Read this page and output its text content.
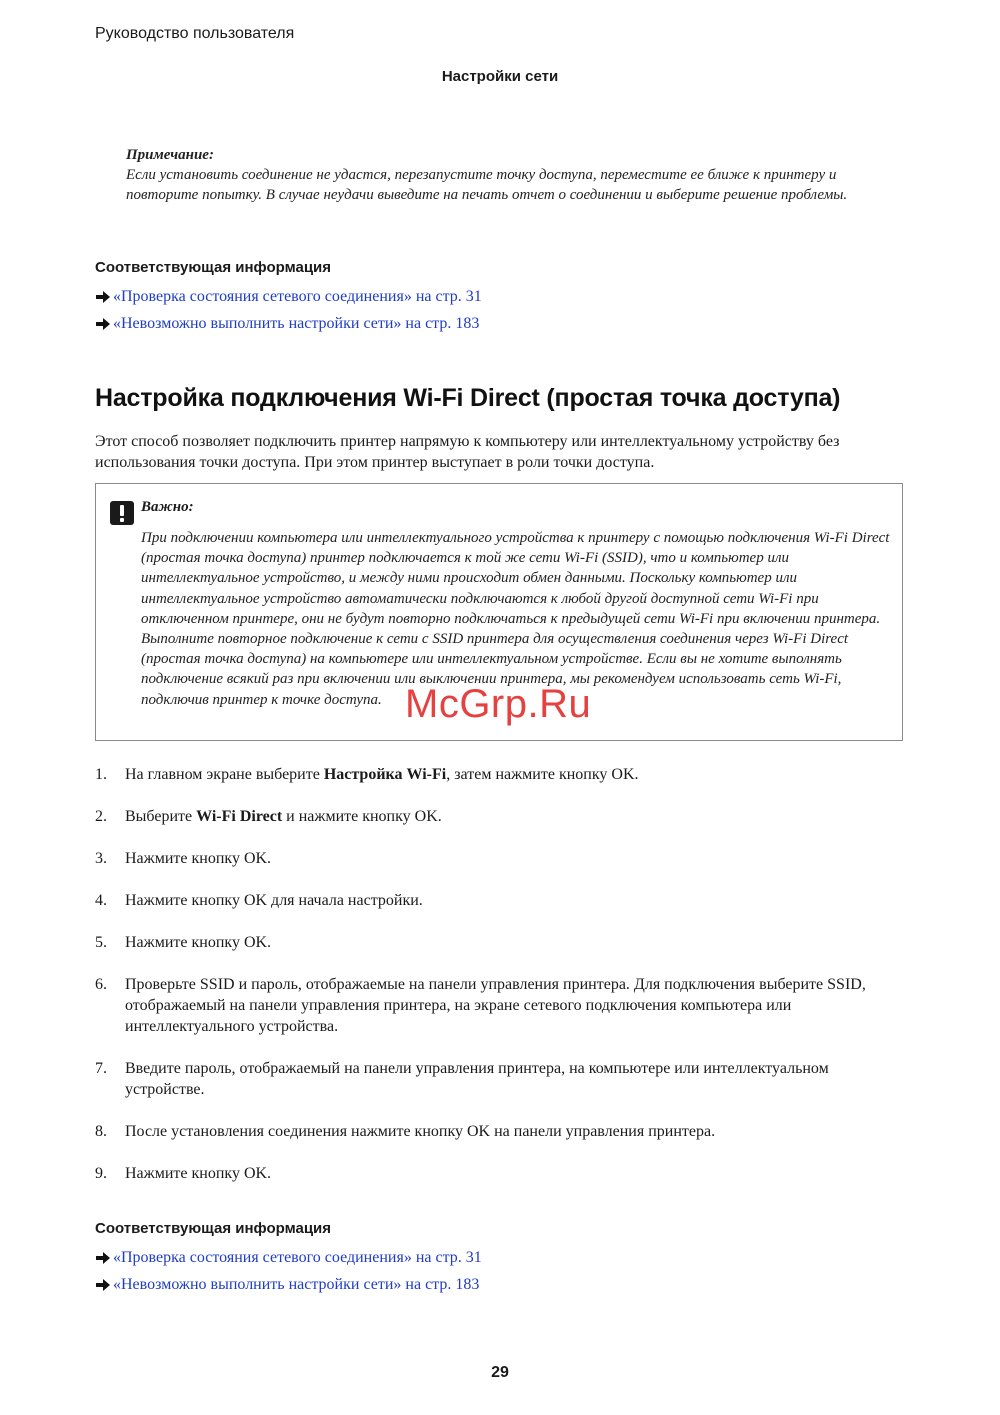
Руководство пользователя
Настройки сети
Примечание:
Если установить соединение не удастся, перезапустите точку доступа, переместите ее ближе к принтеру и повторите попытку. В случае неудачи выведите на печать отчет о соединении и выберите решение проблемы.
Соответствующая информация
«Проверка состояния сетевого соединения» на стр. 31
«Невозможно выполнить настройки сети» на стр. 183
Настройка подключения Wi-Fi Direct (простая точка доступа)
Этот способ позволяет подключить принтер напрямую к компьютеру или интеллектуальному устройству без использования точки доступа. При этом принтер выступает в роли точки доступа.
Важно:
При подключении компьютера или интеллектуального устройства к принтеру с помощью подключения Wi-Fi Direct (простая точка доступа) принтер подключается к той же сети Wi-Fi (SSID), что и компьютер или интеллектуальное устройство, и между ними происходит обмен данными. Поскольку компьютер или интеллектуальное устройство автоматически подключаются к любой другой доступной сети Wi-Fi при отключенном принтере, они не будут повторно подключаться к предыдущей сети Wi-Fi при включении принтера. Выполните повторное подключение к сети с SSID принтера для осуществления соединения через Wi-Fi Direct (простая точка доступа) на компьютере или интеллектуальном устройстве. Если вы не хотите выполнять подключение всякий раз при включении или выключении принтера, мы рекомендуем использовать сеть Wi-Fi, подключив принтер к точке доступа.
1.	На главном экране выберите Настройка Wi-Fi, затем нажмите кнопку OK.
2.	Выберите Wi-Fi Direct и нажмите кнопку OK.
3.	Нажмите кнопку OK.
4.	Нажмите кнопку OK для начала настройки.
5.	Нажмите кнопку OK.
6.	Проверьте SSID и пароль, отображаемые на панели управления принтера. Для подключения выберите SSID, отображаемый на панели управления принтера, на экране сетевого подключения компьютера или интеллектуального устройства.
7.	Введите пароль, отображаемый на панели управления принтера, на компьютере или интеллектуальном устройстве.
8.	После установления соединения нажмите кнопку OK на панели управления принтера.
9.	Нажмите кнопку OK.
Соответствующая информация
«Проверка состояния сетевого соединения» на стр. 31
«Невозможно выполнить настройки сети» на стр. 183
McGrp.Ru
29
